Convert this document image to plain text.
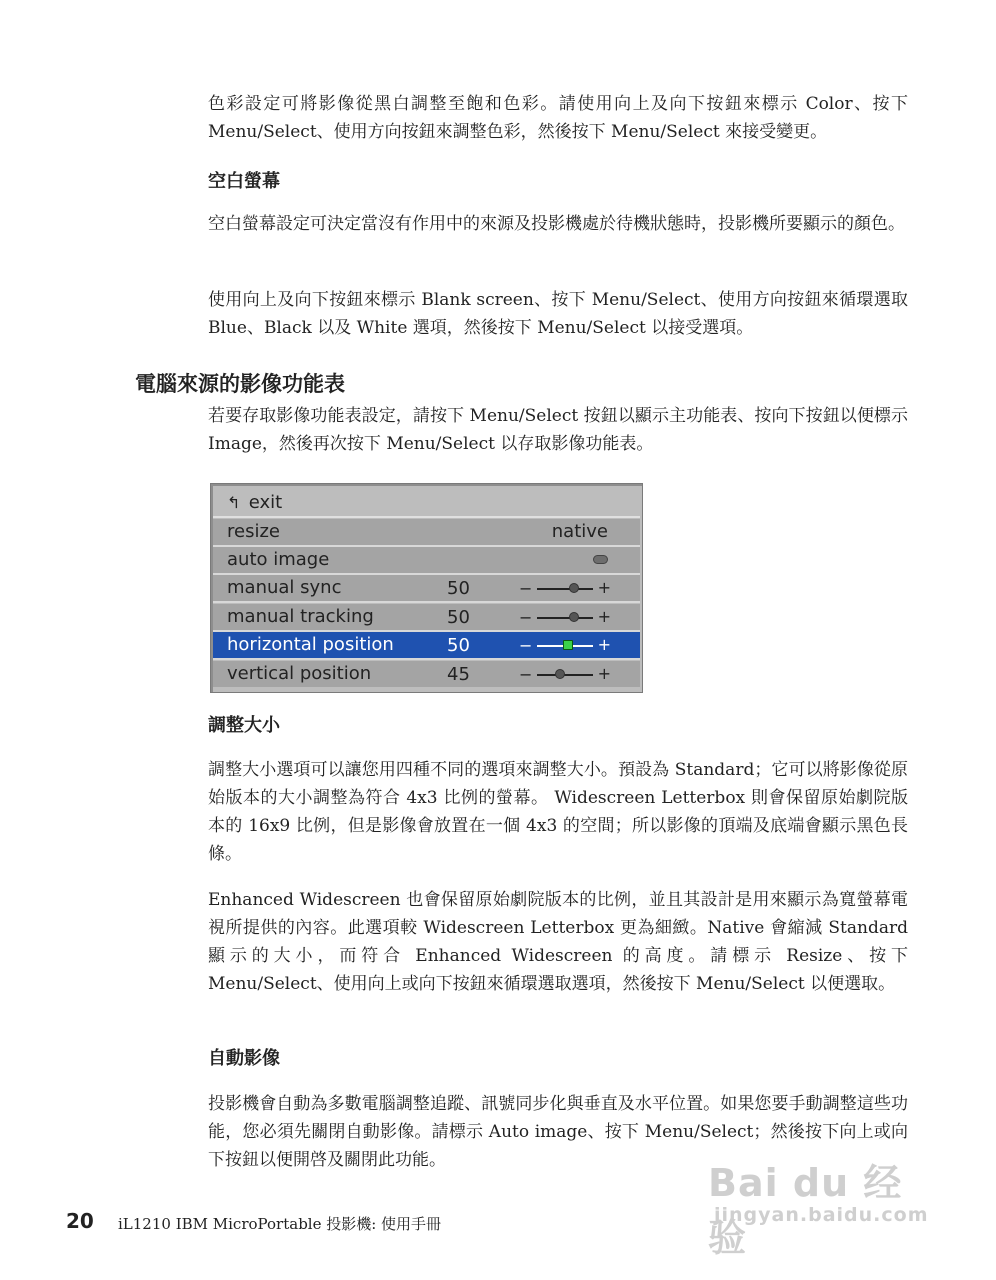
色彩設定可將影像從黑白調整至飽和色彩。請使用向上及向下按鈕來標示 Color、按下 Menu/Select、使用方向按鈕來調整色彩，然後按下 Menu/Select 來接受變更。

空白螢幕

空白螢幕設定可決定當沒有作用中的來源及投影機處於待機狀態時，投影機所要顯示的顏色。

使用向上及向下按鈕來標示 Blank screen、按下 Menu/Select、使用方向按鈕來循環選取 Blue、Black 以及 White 選項，然後按下 Menu/Select 以接受選項。

電腦來源的影像功能表

若要存取影像功能表設定，請按下 Menu/Select 按鈕以顯示主功能表、按向下按鈕以便標示 Image，然後再次按下 Menu/Select 以存取影像功能表。

↰ exit
resize	native
auto image
manual sync	50	−	+
manual tracking	50	−	+
horizontal position	50	−	+
vertical position	45	−	+
調整大小

調整大小選項可以讓您用四種不同的選項來調整大小。預設為 Standard；它可以將影像從原始版本的大小調整為符合 4x3 比例的螢幕。 Widescreen Letterbox 則會保留原始劇院版本的 16x9 比例，但是影像會放置在一個 4x3 的空間；所以影像的頂端及底端會顯示黑色長條。

Enhanced Widescreen 也會保留原始劇院版本的比例，並且其設計是用來顯示為寬螢幕電視所提供的內容。此選項較 Widescreen Letterbox 更為細緻。Native 會縮減 Standard 顯示的大小，而符合 Enhanced Widescreen 的高度。請標示 Resize、按下 Menu/Select、使用向上或向下按鈕來循環選取選項，然後按下 Menu/Select 以便選取。

自動影像

投影機會自動為多數電腦調整追蹤、訊號同步化與垂直及水平位置。如果您要手動調整這些功能，您必須先關閉自動影像。請標示 Auto image、按下 Menu/Select；然後按下向上或向下按鈕以便開啓及關閉此功能。

Bai du 经验
jingyan.baidu.com
20 iL1210 IBM MicroPortable 投影機: 使用手冊
